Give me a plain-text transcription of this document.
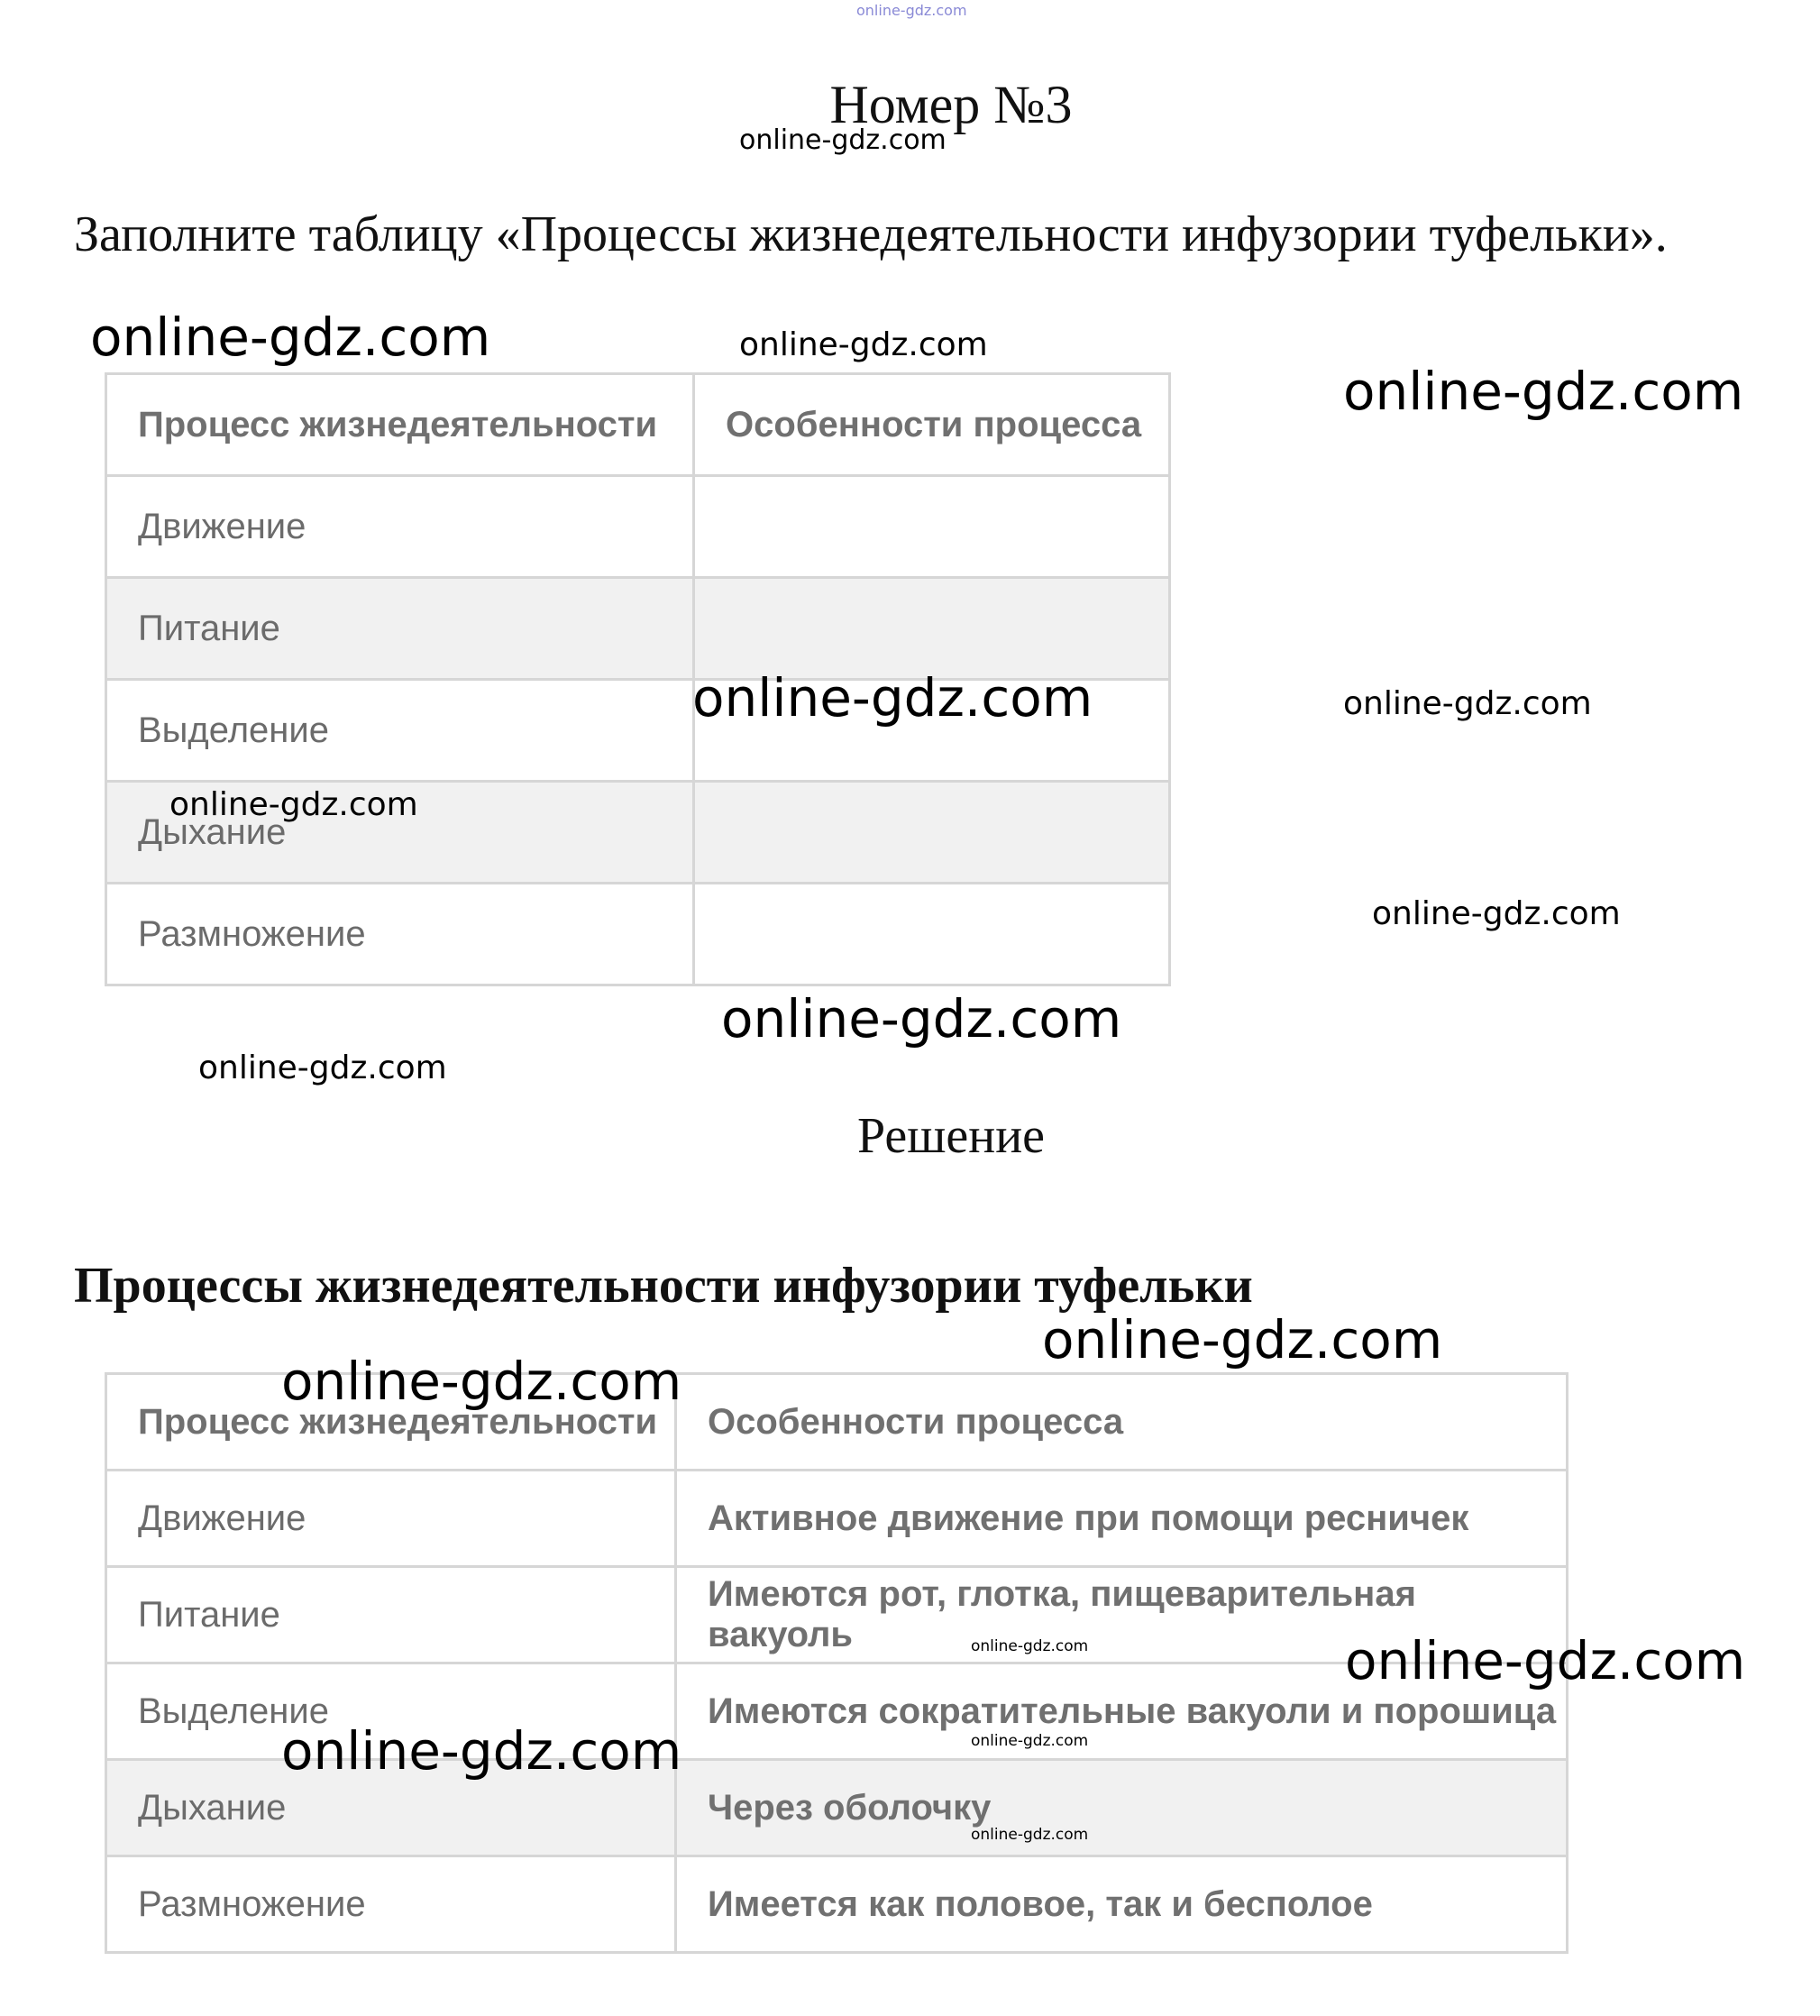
online-gdz.com
Номер №3
Заполните таблицу «Процессы жизнедеятельности инфузории туфельки».
Процесс жизнедеятельности	Особенности процесса
Движение	
Питание	
Выделение	
Дыхание	
Размножение	
Решение
Процессы жизнедеятельности инфузории туфельки
Процесс жизнедеятельности	Особенности процесса
Движение	Активное движение при помощи ресничек
Питание	Имеются рот, глотка, пищеварительная вакуоль
Выделение	Имеются сократительные вакуоли и порошица
Дыхание	Через оболочку
Размножение	Имеется как половое, так и бесполое
online-gdz.com
online-gdz.com	online-gdz.com
online-gdz.com
online-gdz.com	online-gdz.com
online-gdz.com
online-gdz.com
online-gdz.com
online-gdz.com
online-gdz.com
online-gdz.com
online-gdz.com	online-gdz.com
online-gdz.com
online-gdz.com
online-gdz.com
